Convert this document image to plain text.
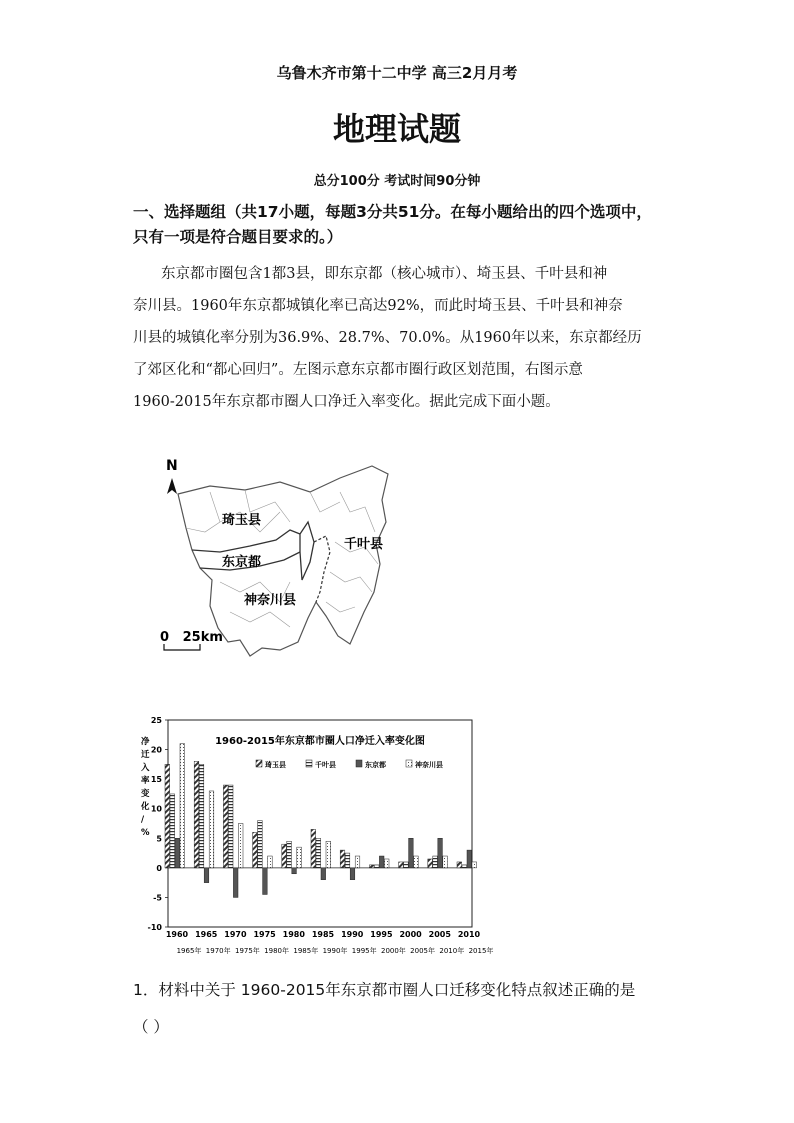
乌鲁木齐市第十二中学 高三2月月考
地理试题
总分100分 考试时间90分钟
一、选择题组（共17小题，每题3分共51分。在每小题给出的四个选项中，
只有一项是符合题目要求的。）
东京都市圈包含1都3县，即东京都（核心城市）、埼玉县、千叶县和神
奈川县。1960年东京都城镇化率已高达92%，而此时埼玉县、千叶县和神奈
川县的城镇化率分别为36.9%、28.7%、70.0%。从1960年以来，东京都经历
了郊区化和“都心回归”。左图示意东京都市圈行政区划范围，右图示意
1960-2015年东京都市圈人口净迁入率变化。据此完成下面小题。
N
琦玉县
东京都
神奈川县
千叶县
0   25km
1960-2015年东京都市圈人口净迁入率变化图
净
迁
入
率
变
化
/
%
25
20
15
10
5
0
-5
-10
1960 1965 1970 1975 1980 1985 1990 1995 2000 2005 2010
1965年 1970年 1975年 1980年 1985年 1990年 1995年 2000年 2005年 2010年 2015年
琦玉县	千叶县	东京都	神奈川县
1．材料中关于 1960-2015年东京都市圈人口迁移变化特点叙述正确的是
（ ）
